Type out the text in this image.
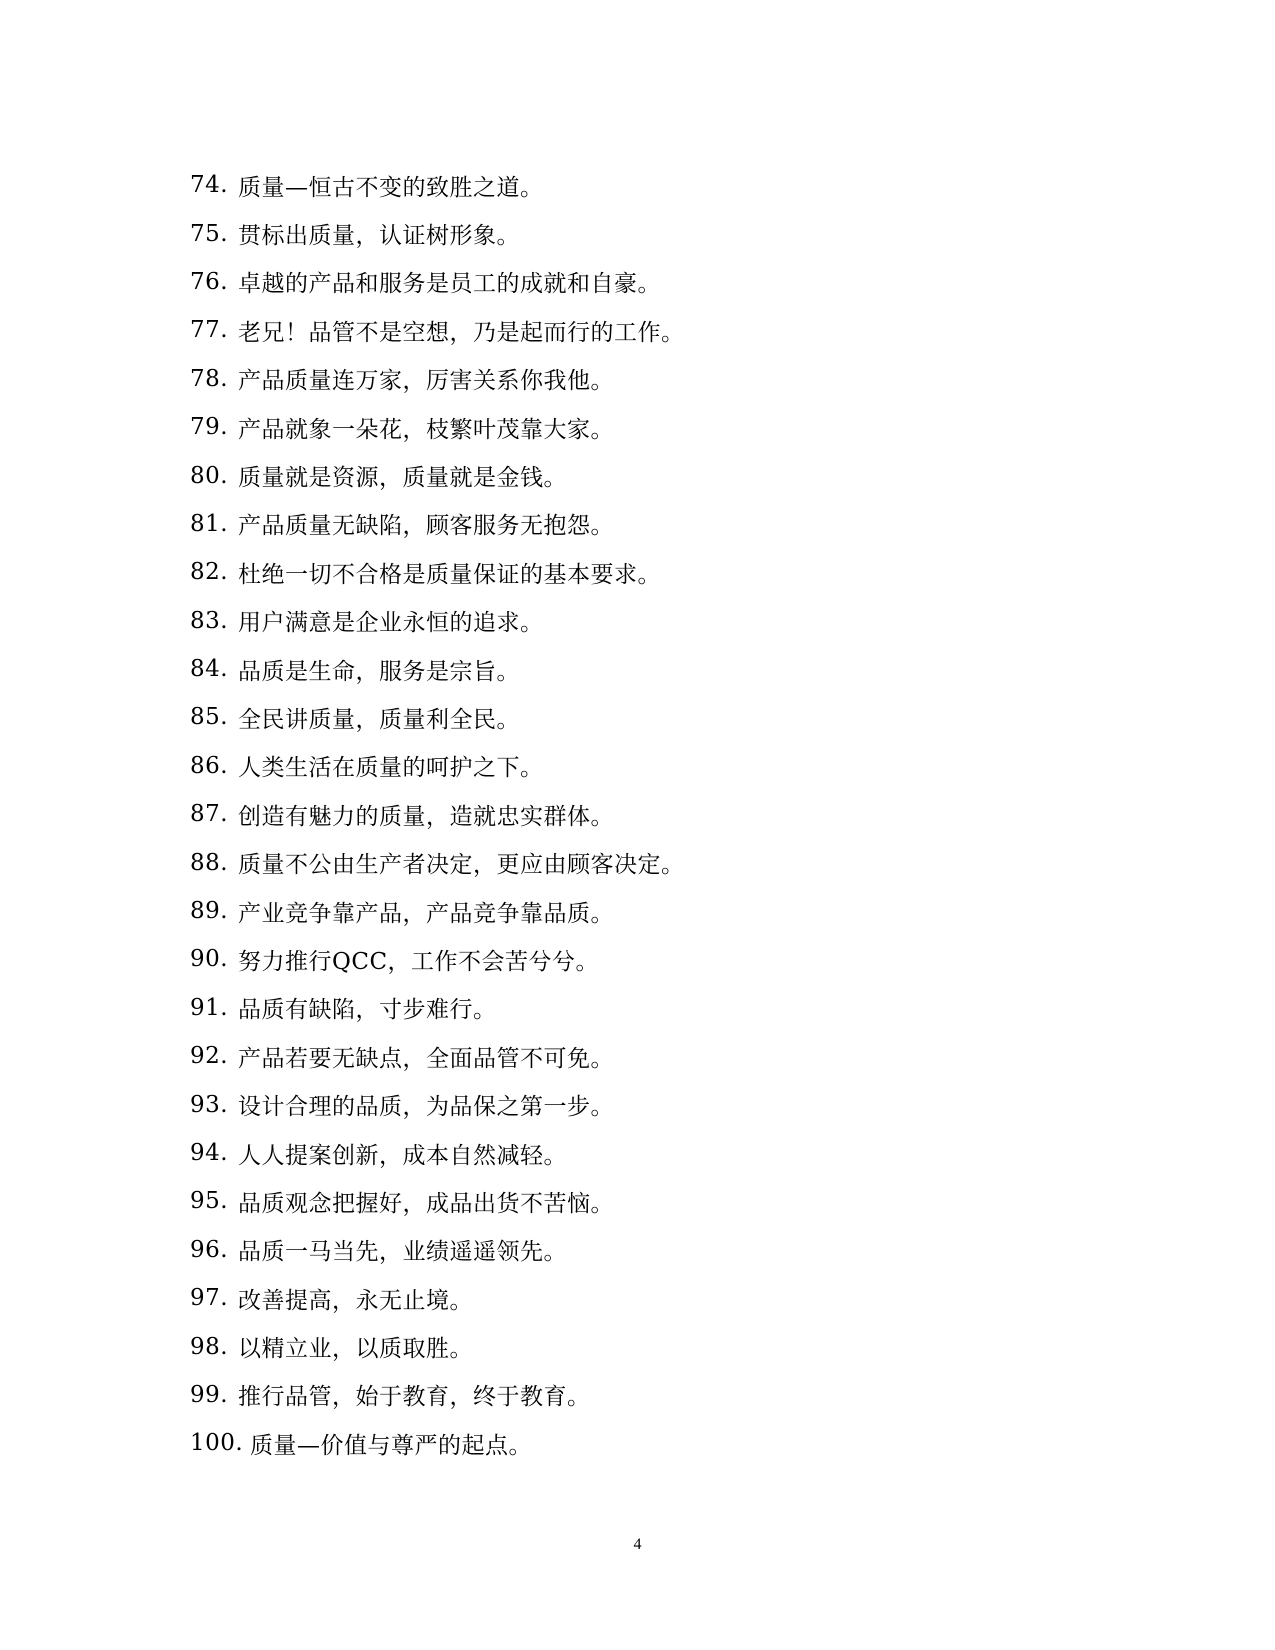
74. 质量—恒古不变的致胜之道。
75. 贯标出质量，认证树形象。
76. 卓越的产品和服务是员工的成就和自豪。
77. 老兄！品管不是空想，乃是起而行的工作。
78. 产品质量连万家，厉害关系你我他。
79. 产品就象一朵花，枝繁叶茂靠大家。
80. 质量就是资源，质量就是金钱。
81. 产品质量无缺陷，顾客服务无抱怨。
82. 杜绝一切不合格是质量保证的基本要求。
83. 用户满意是企业永恒的追求。
84. 品质是生命，服务是宗旨。
85. 全民讲质量，质量利全民。
86. 人类生活在质量的呵护之下。
87. 创造有魅力的质量，造就忠实群体。
88. 质量不公由生产者决定，更应由顾客决定。
89. 产业竞争靠产品，产品竞争靠品质。
90. 努力推行QCC，工作不会苦兮兮。
91. 品质有缺陷，寸步难行。
92. 产品若要无缺点，全面品管不可免。
93. 设计合理的品质，为品保之第一步。
94. 人人提案创新，成本自然减轻。
95. 品质观念把握好，成品出货不苦恼。
96. 品质一马当先，业绩遥遥领先。
97. 改善提高，永无止境。
98. 以精立业，以质取胜。
99. 推行品管，始于教育，终于教育。
100. 质量—价值与尊严的起点。
4
